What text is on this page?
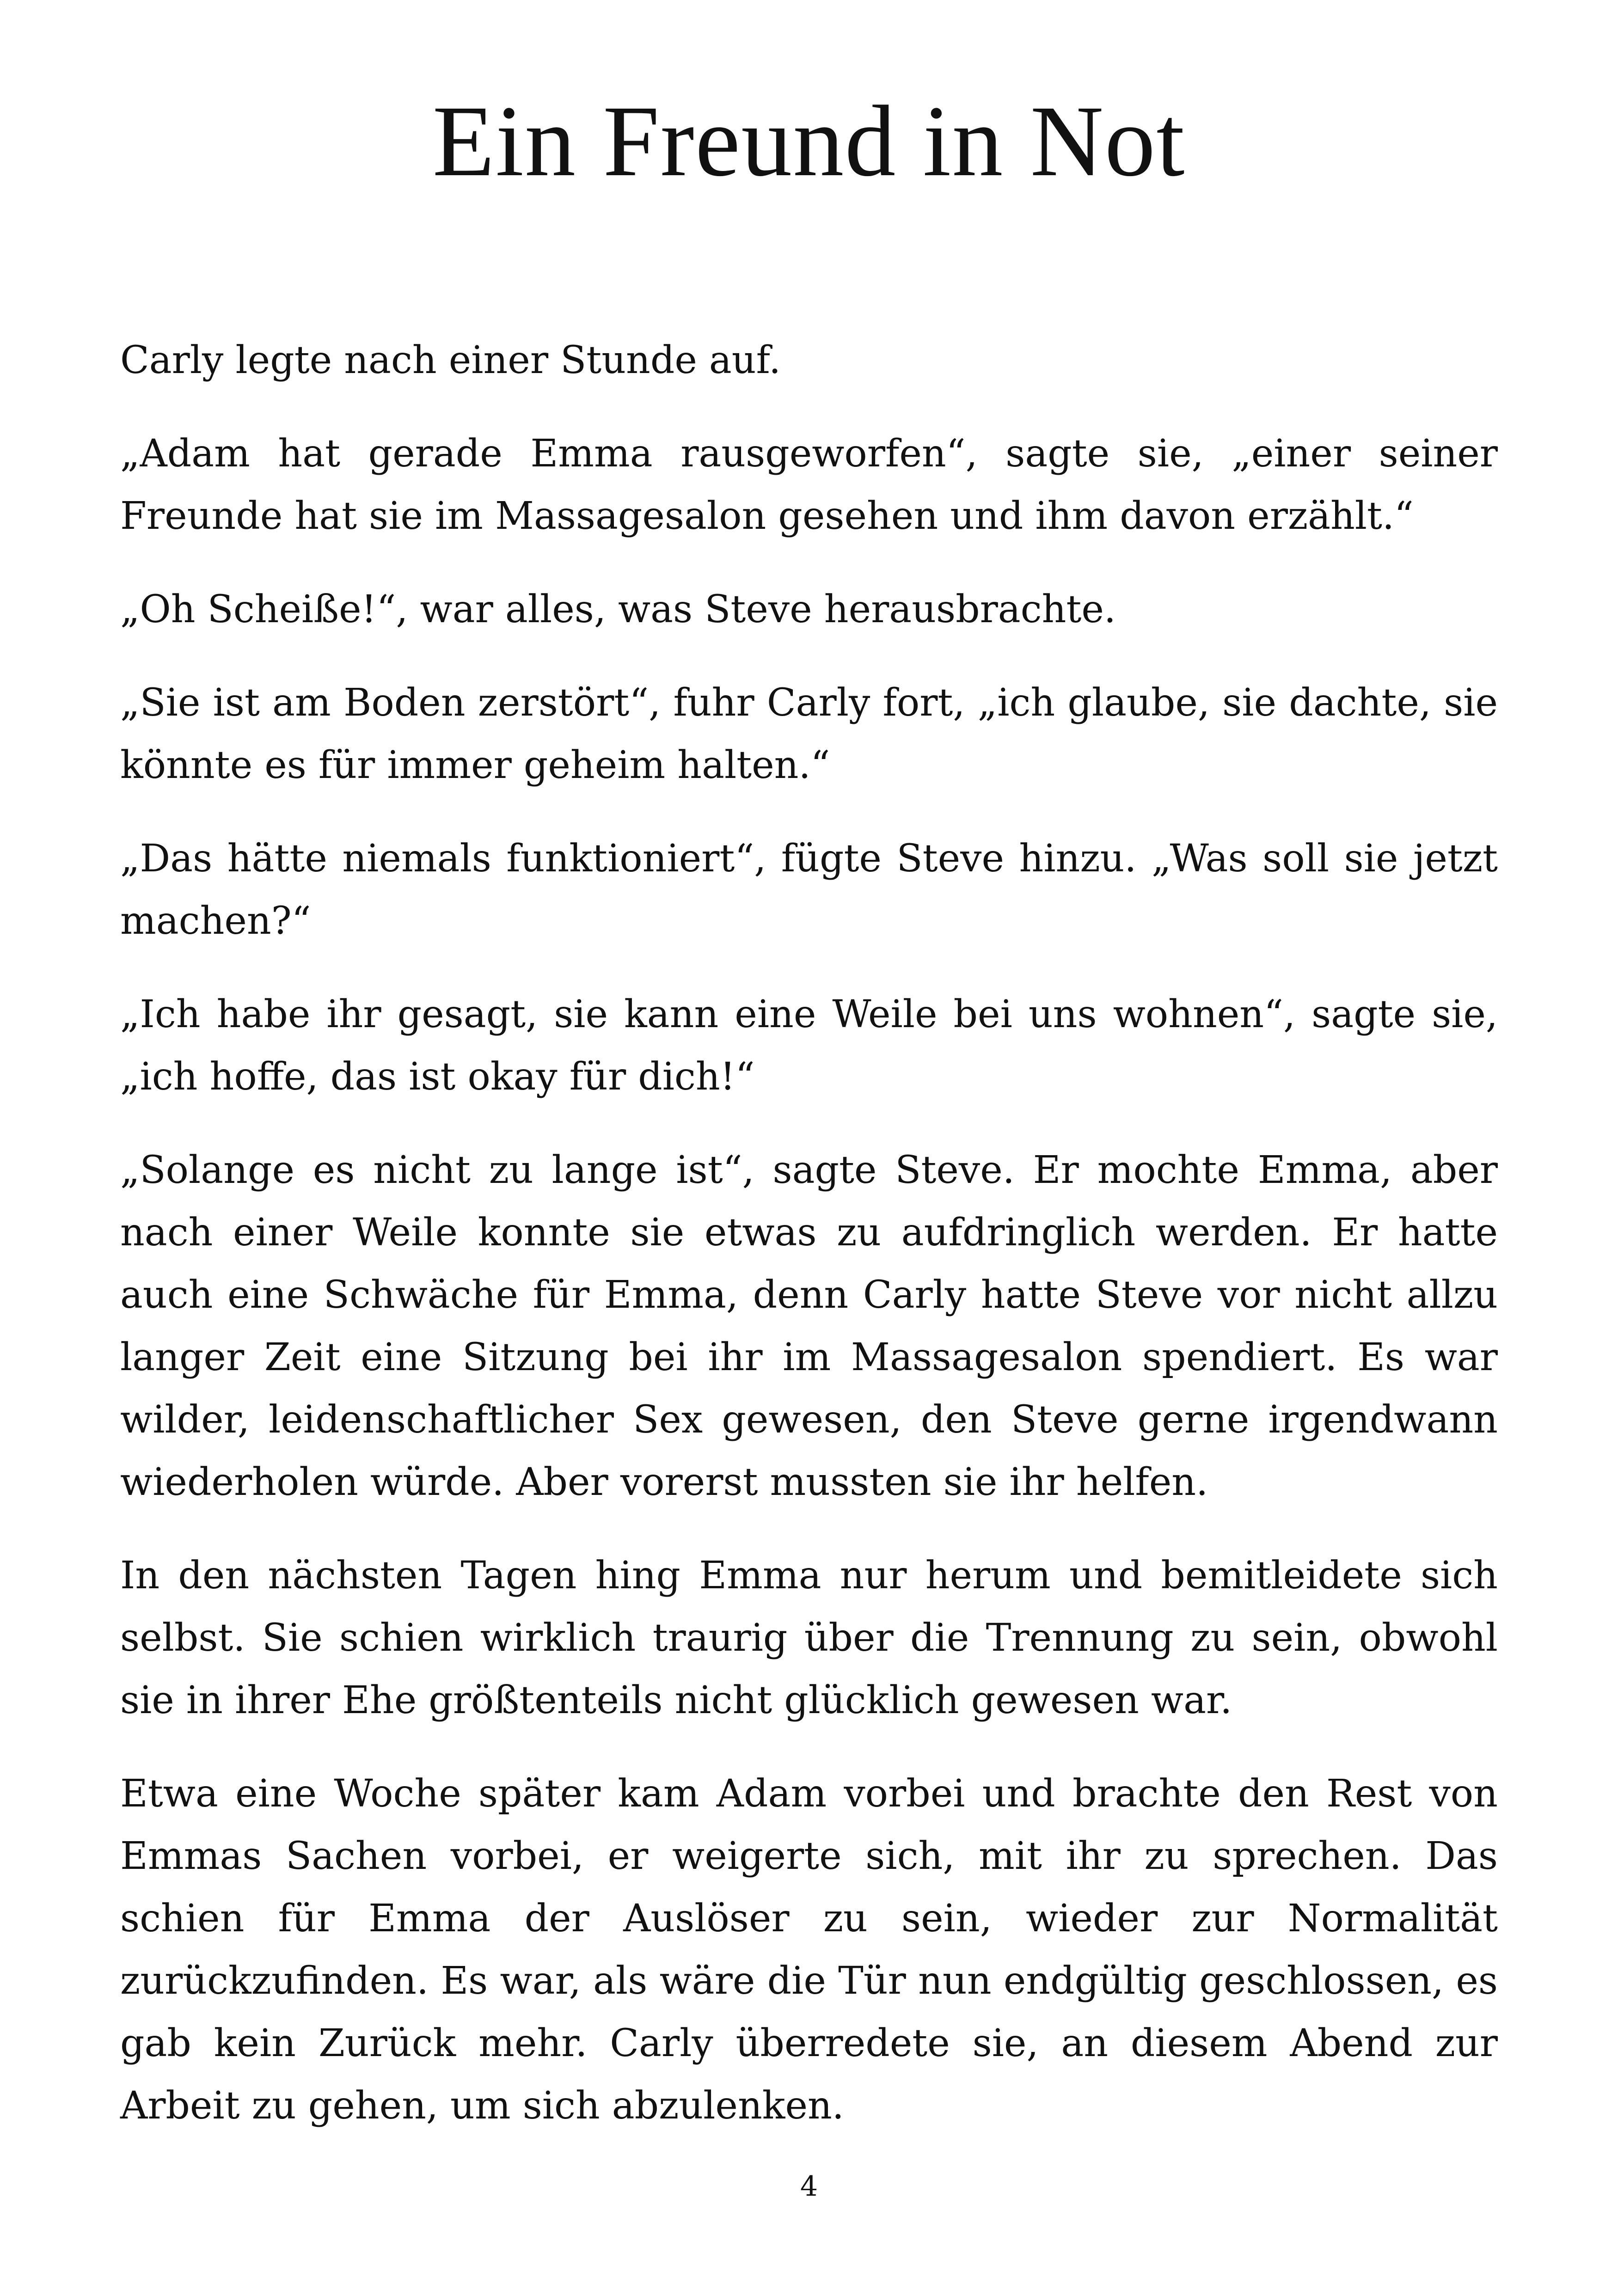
Ein Freund in Not

Carly legte nach einer Stunde auf.

„Adam hat gerade Emma rausgeworfen“, sagte sie, „einer seiner Freunde hat sie im Massagesalon gesehen und ihm davon erzählt.“

„Oh Scheiße!“, war alles, was Steve herausbrachte.

„Sie ist am Boden zerstört“, fuhr Carly fort, „ich glaube, sie dachte, sie könnte es für immer geheim halten.“

„Das hätte niemals funktioniert“, fügte Steve hinzu. „Was soll sie jetzt machen?“

„Ich habe ihr gesagt, sie kann eine Weile bei uns wohnen“, sagte sie, „ich hoffe, das ist okay für dich!“

„Solange es nicht zu lange ist“, sagte Steve. Er mochte Emma, aber nach einer Weile konnte sie etwas zu aufdringlich werden. Er hatte auch eine Schwäche für Emma, denn Carly hatte Steve vor nicht allzu langer Zeit eine Sitzung bei ihr im Massagesalon spendiert. Es war wilder, leidenschaftlicher Sex gewesen, den Steve gerne irgendwann wiederholen würde. Aber vorerst mussten sie ihr helfen.

In den nächsten Tagen hing Emma nur herum und bemitleidete sich selbst. Sie schien wirklich traurig über die Trennung zu sein, obwohl sie in ihrer Ehe größtenteils nicht glücklich gewesen war.

Etwa eine Woche später kam Adam vorbei und brachte den Rest von Emmas Sachen vorbei, er weigerte sich, mit ihr zu sprechen. Das schien für Emma der Auslöser zu sein, wieder zur Normalität zurückzufinden. Es war, als wäre die Tür nun endgültig geschlossen, es gab kein Zurück mehr. Carly überredete sie, an diesem Abend zur Arbeit zu gehen, um sich abzulenken.

4
